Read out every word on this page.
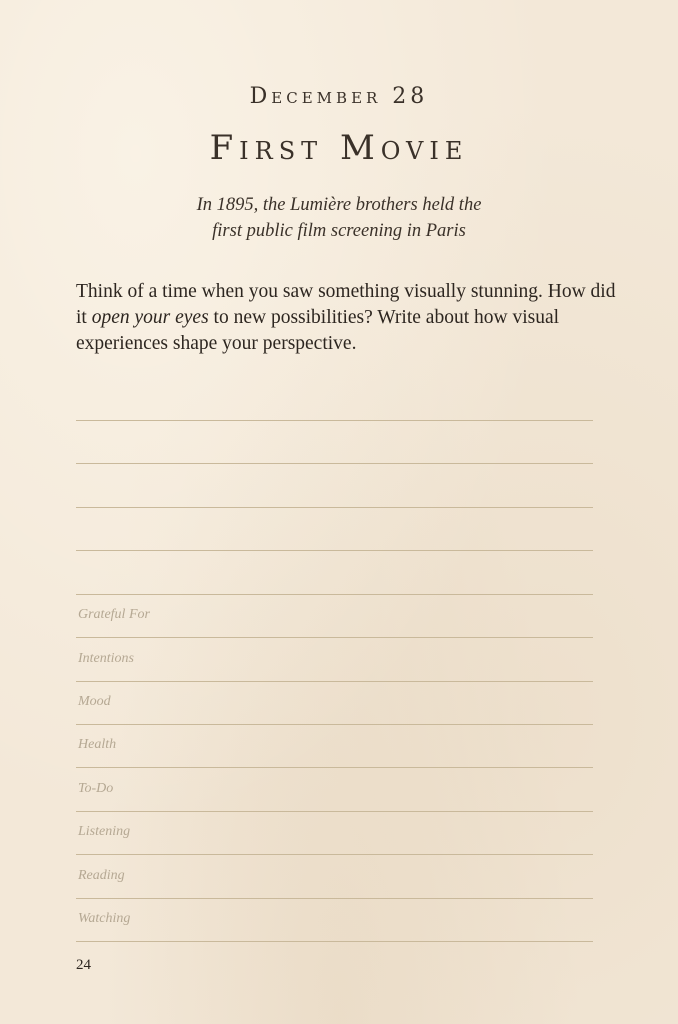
December 28
First Movie
In 1895, the Lumière brothers held the
first public film screening in Paris
Think of a time when you saw something visually stunning. How did it open your eyes to new possibilities? Write about how visual experiences shape your perspective.
Grateful For
Intentions
Mood
Health
To-Do
Listening
Reading
Watching
24
